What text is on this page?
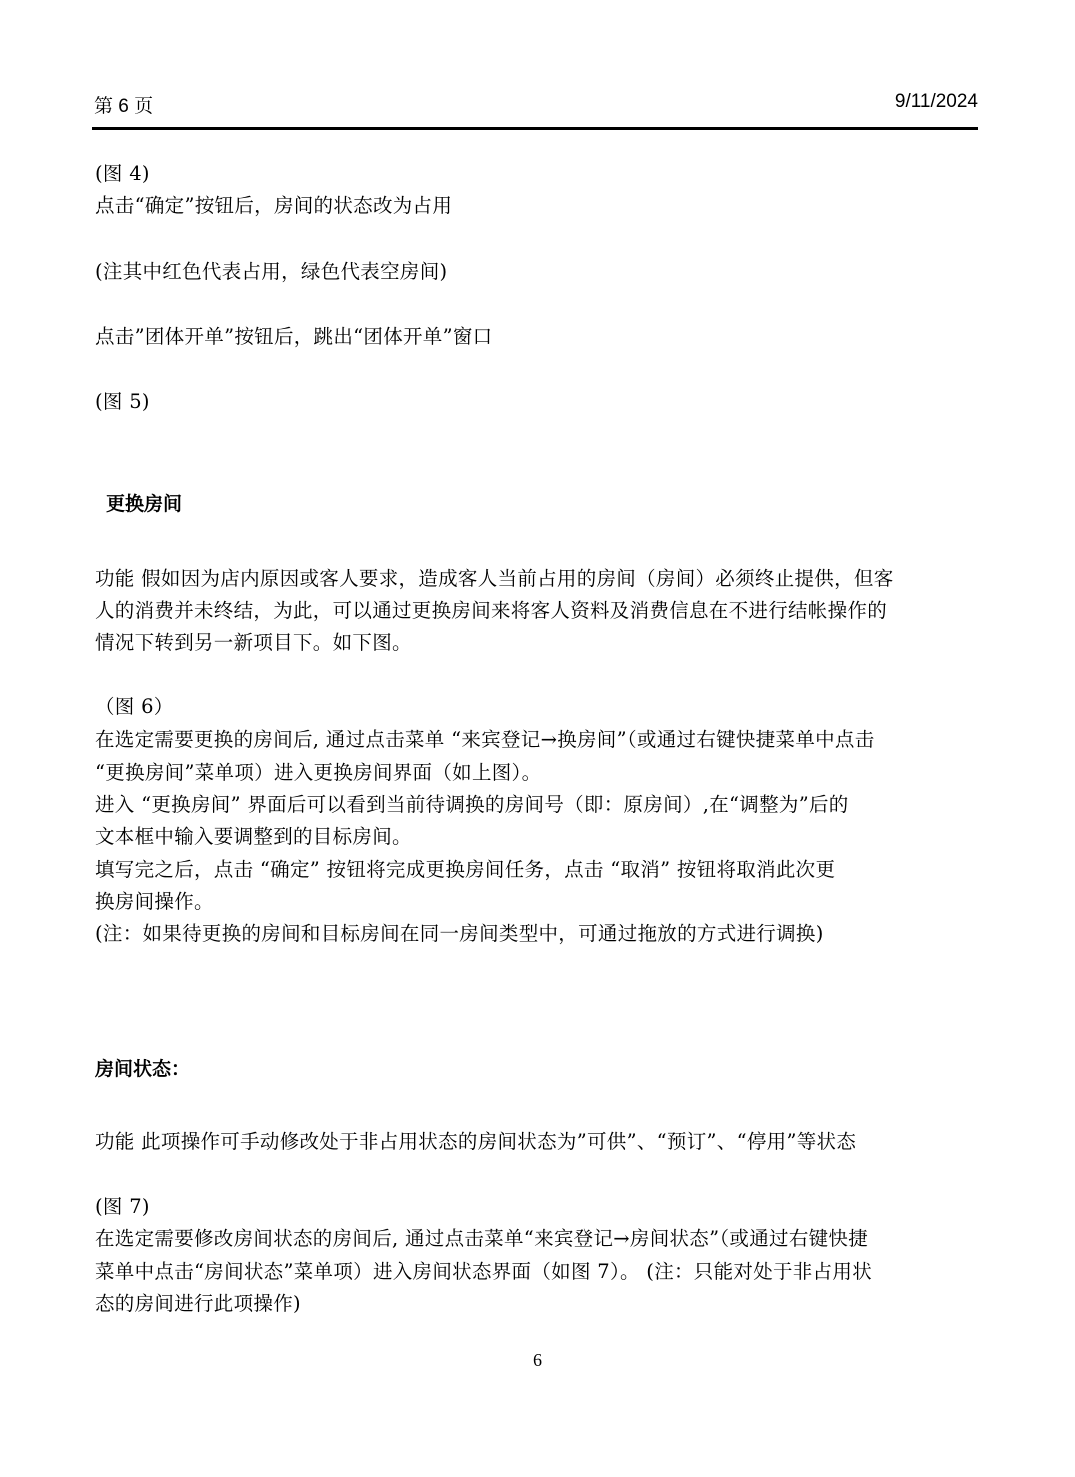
第 6 页	9/11/2024
(图 4)
点击“确定”按钮后，房间的状态改为占用
(注其中红色代表占用，绿色代表空房间)
点击”团体开单”按钮后，跳出“团体开单”窗口
(图 5)
更换房间
功能 假如因为店内原因或客人要求，造成客人当前占用的房间（房间）必须终止提供，但客
人的消费并未终结，为此，可以通过更换房间来将客人资料及消费信息在不进行结帐操作的
情况下转到另一新项目下。如下图。
（图 6）
在选定需要更换的房间后, 通过点击菜单 “来宾登记→换房间”（或通过右键快捷菜单中点击
“更换房间”菜单项）进入更换房间界面（如上图）。
进入 “更换房间” 界面后可以看到当前待调换的房间号（即：原房间）,在“调整为”后的
文本框中输入要调整到的目标房间。
填写完之后，点击 “确定” 按钮将完成更换房间任务，点击 “取消” 按钮将取消此次更
换房间操作。
(注：如果待更换的房间和目标房间在同一房间类型中，可通过拖放的方式进行调换)
房间状态：
功能 此项操作可手动修改处于非占用状态的房间状态为”可供”、“预订”、“停用”等状态
(图 7)
在选定需要修改房间状态的房间后, 通过点击菜单“来宾登记→房间状态”（或通过右键快捷
菜单中点击“房间状态”菜单项）进入房间状态界面（如图 7）。 (注：只能对处于非占用状
态的房间进行此项操作)
6
